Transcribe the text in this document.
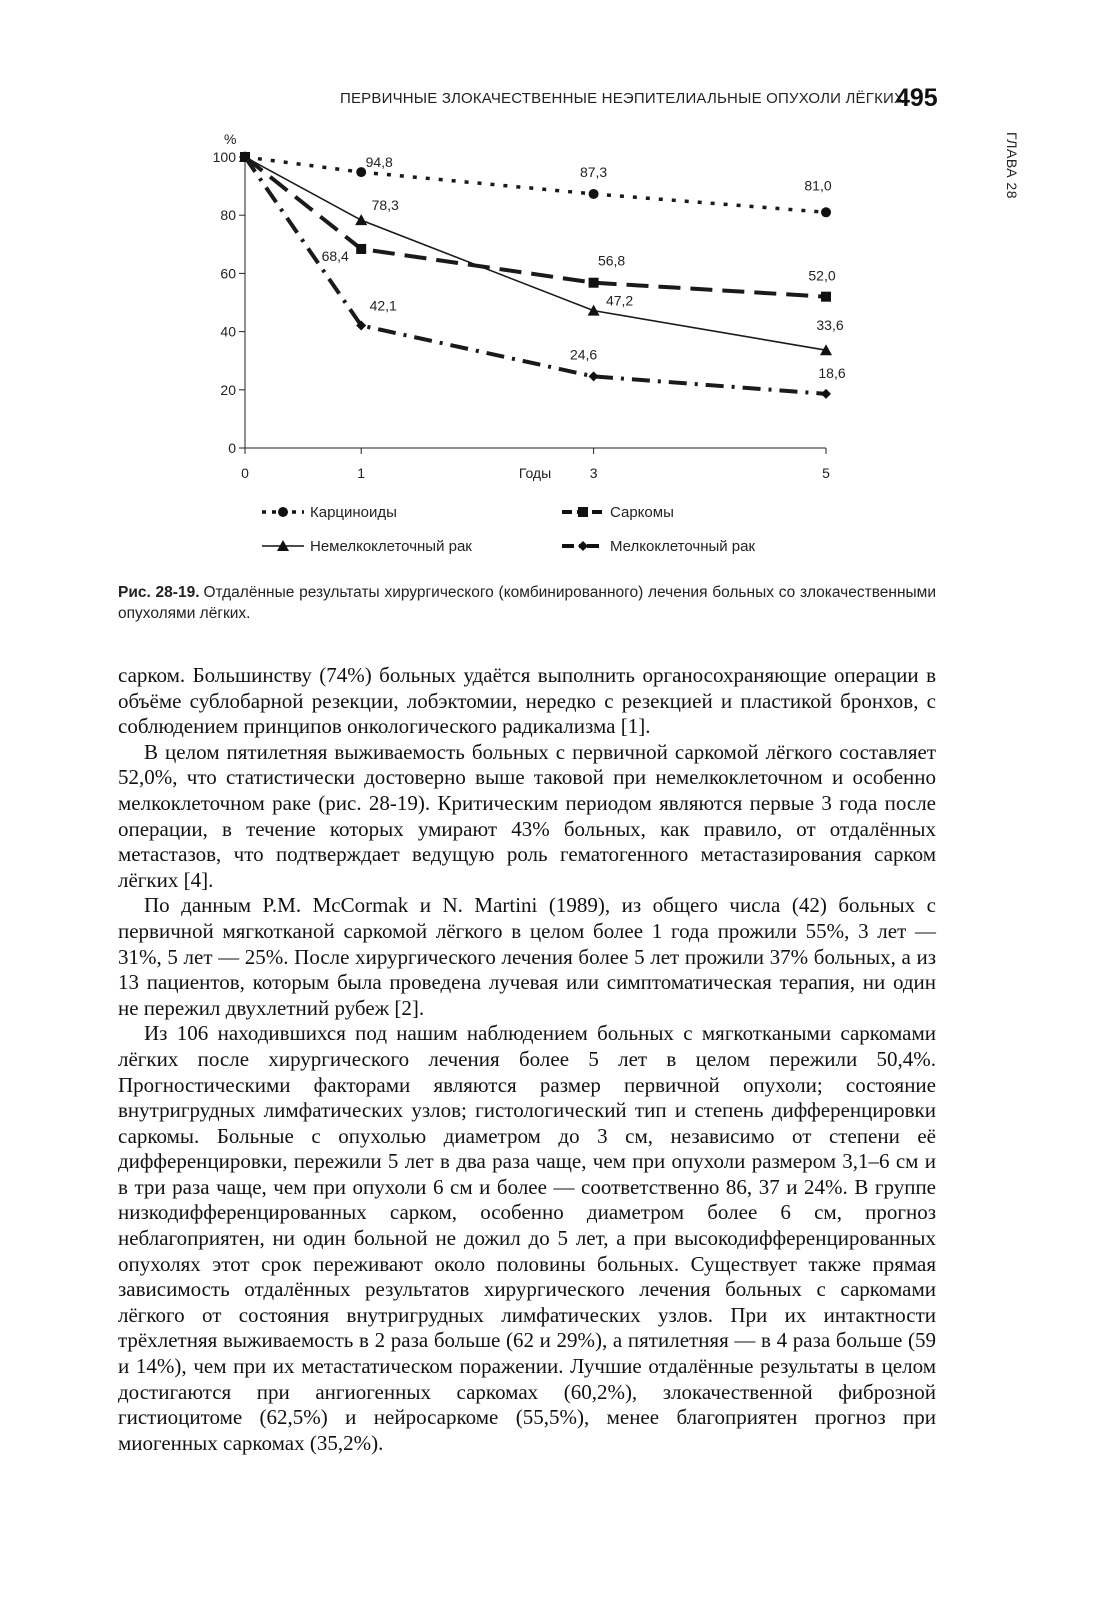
ПЕРВИЧНЫЕ ЗЛОКАЧЕСТВЕННЫЕ НЕЭПИТЕЛИАЛЬНЫЕ ОПУХОЛИ ЛЁГКИХ
495
ГЛАВА 28
0
20
40
60
80
100
0	1	3	5
%
Годы
94,8
87,3
81,0
68,4	56,8
52,0
78,3
47,2
33,6
42,1
24,6
18,6
Карциноиды	Саркомы
Немелкоклеточный рак	Мелкоклеточный рак
Рис. 28-19. Отдалённые результаты хирургического (комбинированного) лечения больных со злокачественными опухолями лёгких.

сарком. Большинству (74%) больных удаётся выполнить органосохраняющие операции в объёме сублобарной резекции, лобэктомии, нередко с резекцией и пластикой бронхов, с соблюдением принципов онкологического радикализма [1].

В целом пятилетняя выживаемость больных с первичной саркомой лёгкого составляет 52,0%, что статистически достоверно выше таковой при немелкоклеточном и особенно мелкоклеточном раке (рис. 28-19). Критическим периодом являются первые 3 года после операции, в течение которых умирают 43% больных, как правило, от отдалённых метастазов, что подтверждает ведущую роль гематогенного метастазирования сарком лёгких [4].

По данным P.M. McCormak и N. Martini (1989), из общего числа (42) больных с первичной мягкотканой саркомой лёгкого в целом более 1 года прожили 55%, 3 лет — 31%, 5 лет — 25%. После хирургического лечения более 5 лет прожили 37% больных, а из 13 пациентов, которым была проведена лучевая или симптоматическая терапия, ни один не пережил двухлетний рубеж [2].

Из 106 находившихся под нашим наблюдением больных с мягкоткаными саркомами лёгких после хирургического лечения более 5 лет в целом пережили 50,4%. Прогностическими факторами являются размер первичной опухоли; состояние внутригрудных лимфатических узлов; гистологический тип и степень дифференцировки саркомы. Больные с опухолью диаметром до 3 см, независимо от степени её дифференцировки, пережили 5 лет в два раза чаще, чем при опухоли размером 3,1–6 см и в три раза чаще, чем при опухоли 6 см и более — соответственно 86, 37 и 24%. В группе низкодифференцированных сарком, особенно диаметром более 6 см, прогноз неблагоприятен, ни один больной не дожил до 5 лет, а при высокодифференцированных опухолях этот срок переживают около половины больных. Существует также прямая зависимость отдалённых результатов хирургического лечения больных с саркомами лёгкого от состояния внутригрудных лимфатических узлов. При их интактности трёхлетняя выживаемость в 2 раза больше (62 и 29%), а пятилетняя — в 4 раза больше (59 и 14%), чем при их метастатическом поражении. Лучшие отдалённые результаты в целом достигаются при ангиогенных саркомах (60,2%), злокачественной фиброзной гистиоцитоме (62,5%) и нейросаркоме (55,5%), менее благоприятен прогноз при миогенных саркомах (35,2%).
